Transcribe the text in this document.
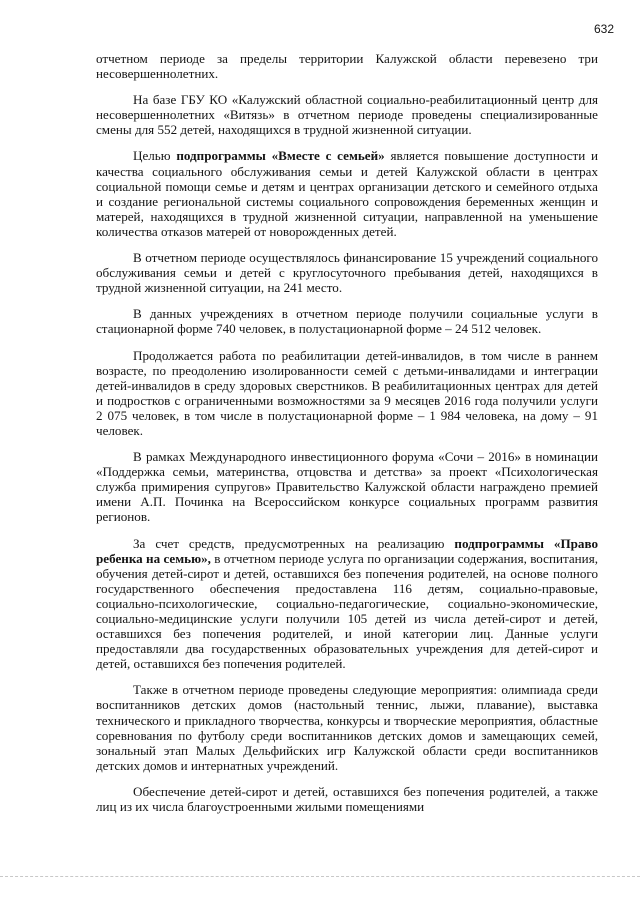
632

отчетном периоде за пределы территории Калужской области перевезено три несовершеннолетних.

На базе ГБУ КО «Калужский областной социально-реабилитационный центр для несовершеннолетних «Витязь» в отчетном периоде проведены специализированные смены для 552 детей, находящихся в трудной жизненной ситуации.

Целью подпрограммы «Вместе с семьей» является повышение доступности и качества социального обслуживания семьи и детей Калужской области в центрах социальной помощи семье и детям и центрах организации детского и семейного отдыха и создание региональной системы социального сопровождения беременных женщин и матерей, находящихся в трудной жизненной ситуации, направленной на уменьшение количества отказов матерей от новорожденных детей.

В отчетном периоде осуществлялось финансирование 15 учреждений социального обслуживания семьи и детей с круглосуточного пребывания детей, находящихся в трудной жизненной ситуации, на 241 место.

В данных учреждениях в отчетном периоде получили социальные услуги в стационарной форме 740 человек, в полустационарной форме – 24 512 человек.

Продолжается работа по реабилитации детей-инвалидов, в том числе в раннем возрасте, по преодолению изолированности семей с детьми-инвалидами и интеграции детей-инвалидов в среду здоровых сверстников. В реабилитационных центрах для детей и подростков с ограниченными возможностями за 9 месяцев 2016 года получили услуги 2 075 человек, в том числе в полустационарной форме – 1 984 человека, на дому – 91 человек.

В рамках Международного инвестиционного форума «Сочи – 2016» в номинации «Поддержка семьи, материнства, отцовства и детства» за проект «Психологическая служба примирения супругов» Правительство Калужской области награждено премией имени А.П. Починка на Всероссийском конкурсе социальных программ развития регионов.

За счет средств, предусмотренных на реализацию подпрограммы «Право ребенка на семью», в отчетном периоде услуга по организации содержания, воспитания, обучения детей-сирот и детей, оставшихся без попечения родителей, на основе полного государственного обеспечения предоставлена 116 детям, социально-правовые, социально-психологические, социально-педагогические, социально-экономические, социально-медицинские услуги получили 105 детей из числа детей-сирот и детей, оставшихся без попечения родителей, и иной категории лиц. Данные услуги предоставляли два государственных образовательных учреждения для детей-сирот и детей, оставшихся без попечения родителей.

Также в отчетном периоде проведены следующие мероприятия: олимпиада среди воспитанников детских домов (настольный теннис, лыжи, плавание), выставка технического и прикладного творчества, конкурсы и творческие мероприятия, областные соревнования по футболу среди воспитанников детских домов и замещающих семей, зональный этап Малых Дельфийских игр Калужской области среди воспитанников детских домов и интернатных учреждений.

Обеспечение детей-сирот и детей, оставшихся без попечения родителей, а также лиц из их числа благоустроенными жилыми помещениями
